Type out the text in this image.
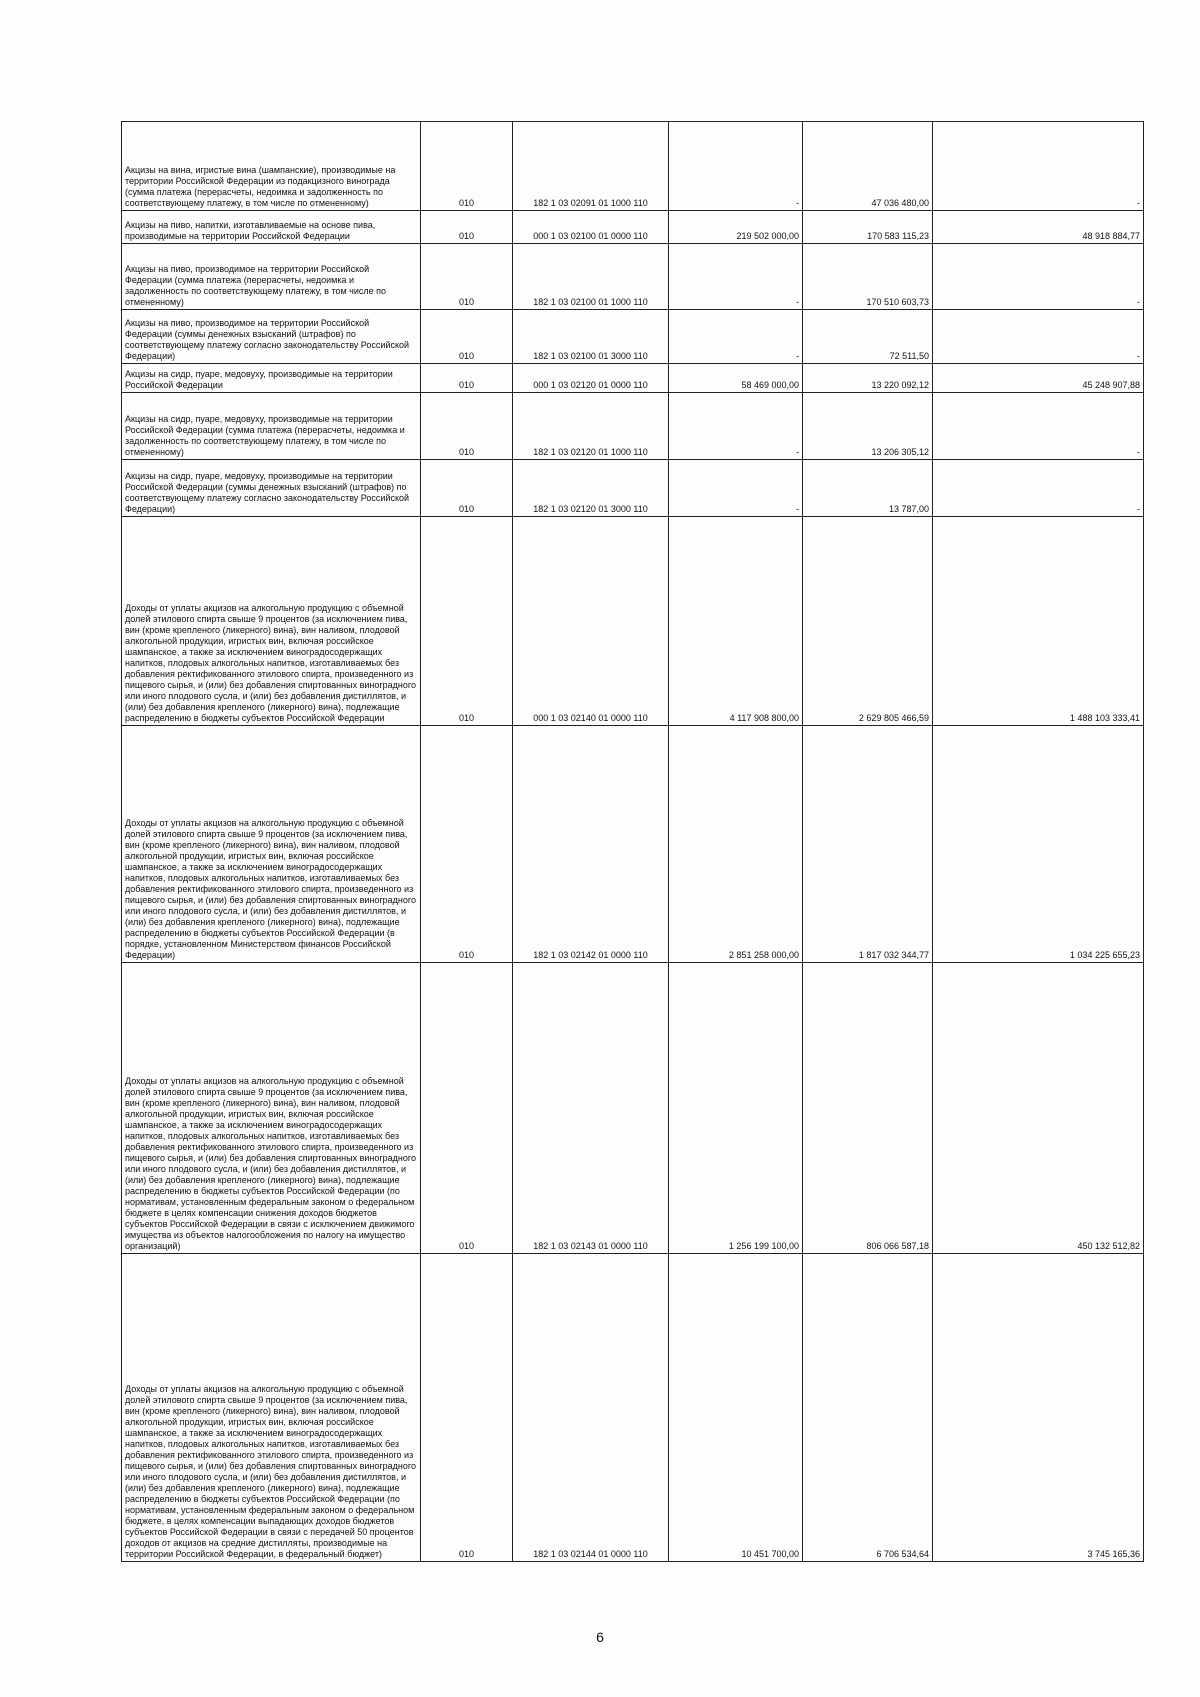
Акцизы на вина, игристые вина (шампанские), производимые на территории Российской Федерации из подакцизного винограда (сумма платежа (перерасчеты, недоимка и задолженность по соответствующему платежу, в том числе по отмененному)	010	182 1 03 02091 01 1000 110	-	47 036 480,00	-
Акцизы на пиво, напитки, изготавливаемые на основе пива, производимые на территории Российской Федерации	010	000 1 03 02100 01 0000 110	219 502 000,00	170 583 115,23	48 918 884,77
Акцизы на пиво, производимое на территории Российской Федерации (сумма платежа (перерасчеты, недоимка и задолженность по соответствующему платежу, в том числе по отмененному)	010	182 1 03 02100 01 1000 110	-	170 510 603,73	-
Акцизы на пиво, производимое на территории Российской Федерации (суммы денежных взысканий (штрафов) по соответствующему платежу согласно законодательству Российской Федерации)	010	182 1 03 02100 01 3000 110	-	72 511,50	-
Акцизы на сидр, пуаре, медовуху, производимые на территории Российской Федерации	010	000 1 03 02120 01 0000 110	58 469 000,00	13 220 092,12	45 248 907,88
Акцизы на сидр, пуаре, медовуху, производимые на территории Российской Федерации (сумма платежа (перерасчеты, недоимка и задолженность по соответствующему платежу, в том числе по отмененному)	010	182 1 03 02120 01 1000 110	-	13 206 305,12	-
Акцизы на сидр, пуаре, медовуху, производимые на территории Российской Федерации (суммы денежных взысканий (штрафов) по соответствующему платежу согласно законодательству Российской Федерации)	010	182 1 03 02120 01 3000 110	-	13 787,00	-
Доходы от уплаты акцизов на алкогольную продукцию с объемной долей этилового спирта свыше 9 процентов (за исключением пива, вин (кроме крепленого (ликерного) вина), вин наливом, плодовой алкогольной продукции, игристых вин, включая российское шампанское, а также за исключением виноградосодержащих напитков, плодовых алкогольных напитков, изготавливаемых без добавления ректификованного этилового спирта, произведенного из пищевого сырья, и (или) без добавления спиртованных виноградного или иного плодового сусла, и (или) без добавления дистиллятов, и (или) без добавления крепленого (ликерного) вина), подлежащие распределению в бюджеты субъектов Российской Федерации	010	000 1 03 02140 01 0000 110	4 117 908 800,00	2 629 805 466,59	1 488 103 333,41
Доходы от уплаты акцизов на алкогольную продукцию с объемной долей этилового спирта свыше 9 процентов (за исключением пива, вин (кроме крепленого (ликерного) вина), вин наливом, плодовой алкогольной продукции, игристых вин, включая российское шампанское, а также за исключением виноградосодержащих напитков, плодовых алкогольных напитков, изготавливаемых без добавления ректификованного этилового спирта, произведенного из пищевого сырья, и (или) без добавления спиртованных виноградного или иного плодового сусла, и (или) без добавления дистиллятов, и (или) без добавления крепленого (ликерного) вина), подлежащие распределению в бюджеты субъектов Российской Федерации (в порядке, установленном Министерством финансов Российской Федерации)	010	182 1 03 02142 01 0000 110	2 851 258 000,00	1 817 032 344,77	1 034 225 655,23
Доходы от уплаты акцизов на алкогольную продукцию с объемной долей этилового спирта свыше 9 процентов (за исключением пива, вин (кроме крепленого (ликерного) вина), вин наливом, плодовой алкогольной продукции, игристых вин, включая российское шампанское, а также за исключением виноградосодержащих напитков, плодовых алкогольных напитков, изготавливаемых без добавления ректификованного этилового спирта, произведенного из пищевого сырья, и (или) без добавления спиртованных виноградного или иного плодового сусла, и (или) без добавления дистиллятов, и (или) без добавления крепленого (ликерного) вина), подлежащие распределению в бюджеты субъектов Российской Федерации (по нормативам, установленным федеральным законом о федеральном бюджете в целях компенсации снижения доходов бюджетов субъектов Российской Федерации в связи с исключением движимого имущества из объектов налогообложения по налогу на имущество организаций)	010	182 1 03 02143 01 0000 110	1 256 199 100,00	806 066 587,18	450 132 512,82
Доходы от уплаты акцизов на алкогольную продукцию с объемной долей этилового спирта свыше 9 процентов (за исключением пива, вин (кроме крепленого (ликерного) вина), вин наливом, плодовой алкогольной продукции, игристых вин, включая российское шампанское, а также за исключением виноградосодержащих напитков, плодовых алкогольных напитков, изготавливаемых без добавления ректификованного этилового спирта, произведенного из пищевого сырья, и (или) без добавления спиртованных виноградного или иного плодового сусла, и (или) без добавления дистиллятов, и (или) без добавления крепленого (ликерного) вина), подлежащие распределению в бюджеты субъектов Российской Федерации (по нормативам, установленным федеральным законом о федеральном бюджете, в целях компенсации выпадающих доходов бюджетов субъектов Российской Федерации в связи с передачей 50 процентов доходов от акцизов на средние дистилляты, производимые на территории Российской Федерации, в федеральный бюджет)	010	182 1 03 02144 01 0000 110	10 451 700,00	6 706 534,64	3 745 165,36
6
